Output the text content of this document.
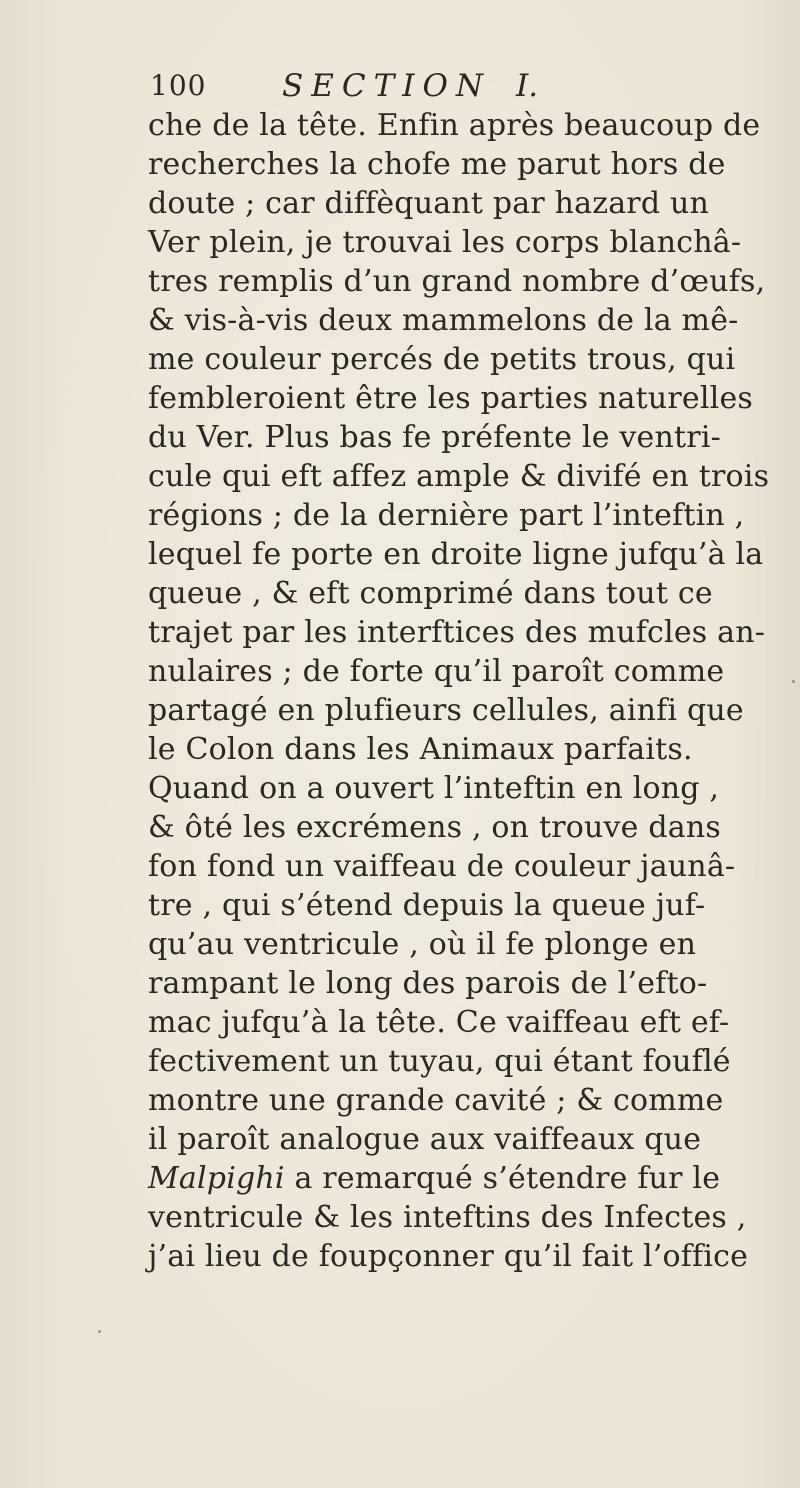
100 SECTION I.
che de la tête. Enfin après beaucoup de
recherches la chofe me parut hors de
doute ; car diffèquant par hazard un
Ver plein, je trouvai les corps blanchâ-
tres remplis d’un grand nombre d’œufs,
& vis-à-vis deux mammelons de la mê-
me couleur percés de petits trous, qui
fembleroient être les parties naturelles
du Ver. Plus bas fe préfente le ventri-
cule qui eft affez ample & divifé en trois
régions ; de la dernière part l’inteftin ,
lequel fe porte en droite ligne jufqu’à la
queue , & eft comprimé dans tout ce
trajet par les interftices des mufcles an-
nulaires ; de forte qu’il paroît comme
partagé en plufieurs cellules, ainfi que
le Colon dans les Animaux parfaits.
Quand on a ouvert l’inteftin en long ,
& ôté les excrémens , on trouve dans
fon fond un vaiffeau de couleur jaunâ-
tre , qui s’étend depuis la queue juf-
qu’au ventricule , où il fe plonge en
rampant le long des parois de l’efto-
mac jufqu’à la tête. Ce vaiffeau eft ef-
fectivement un tuyau, qui étant fouflé
montre une grande cavité ; & comme
il paroît analogue aux vaiffeaux que
Malpighi a remarqué s’étendre fur le
ventricule & les inteftins des Infectes ,
j’ai lieu de foupçonner qu’il fait l’office
